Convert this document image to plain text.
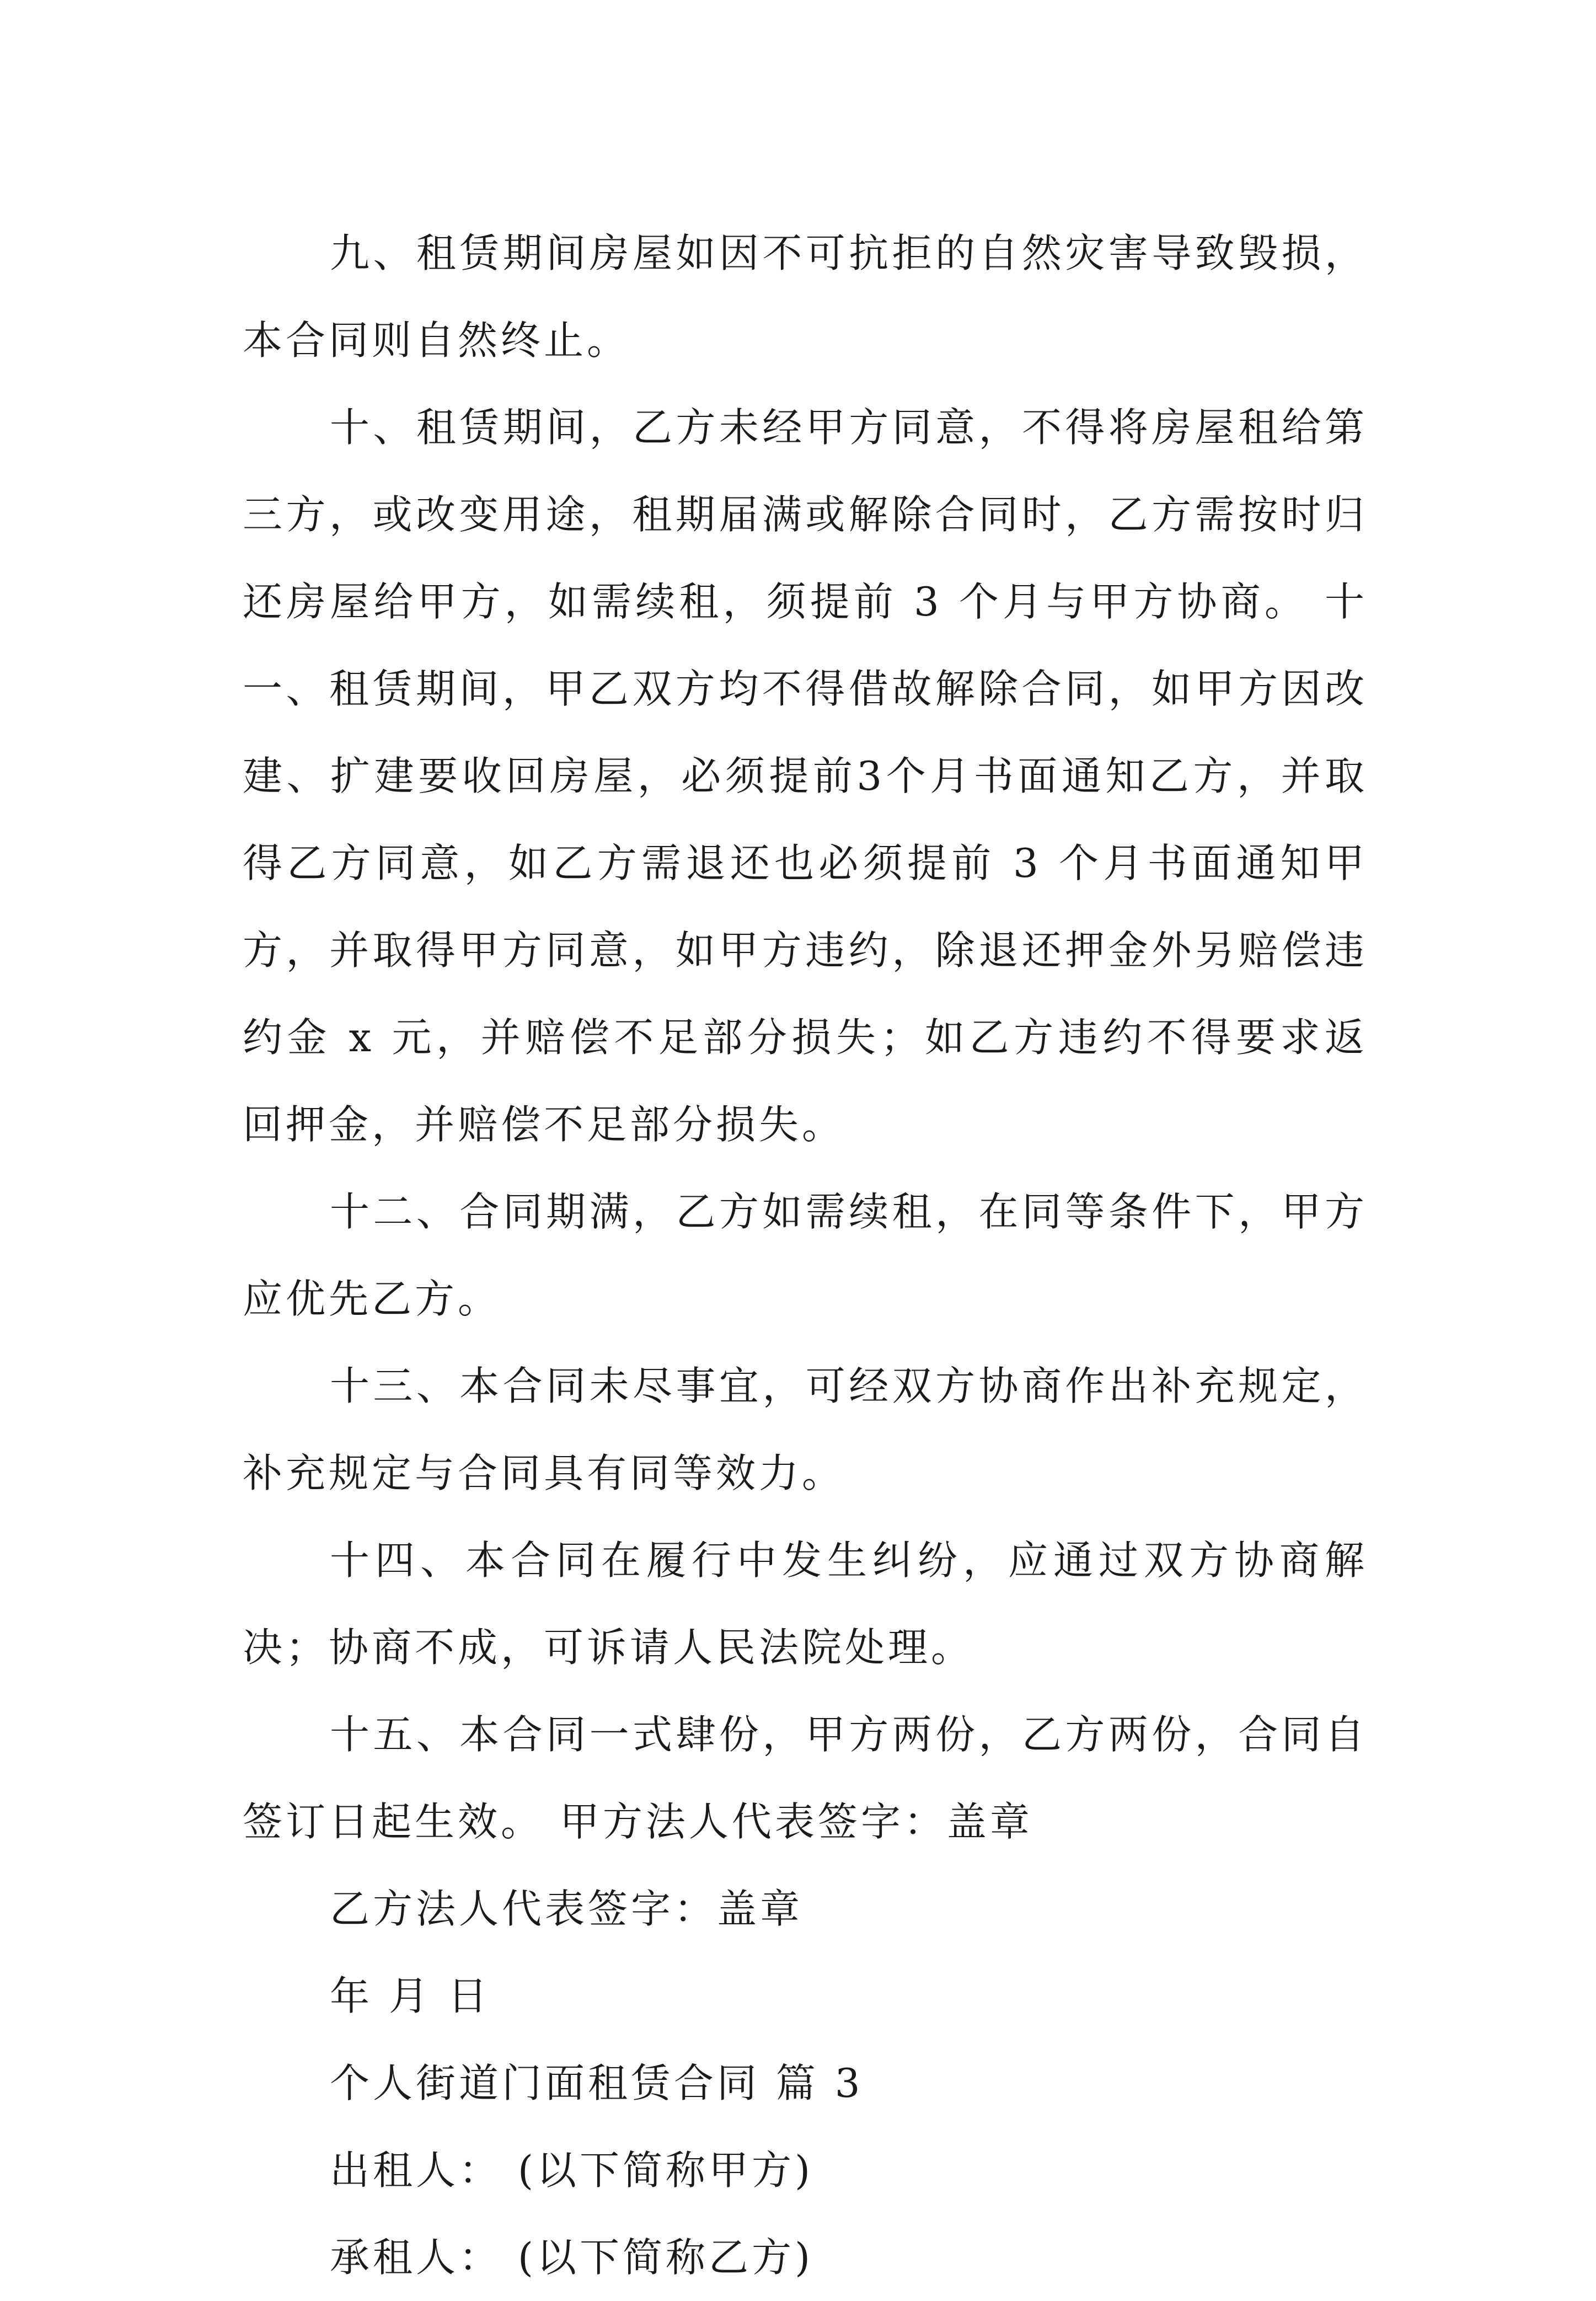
九、租赁期间房屋如因不可抗拒的自然灾害导致毁损，本合同则自然终止。

十、租赁期间，乙方未经甲方同意，不得将房屋租给第三方，或改变用途，租期届满或解除合同时，乙方需按时归还房屋给甲方，如需续租，须提前 3 个月与甲方协商。 十一、租赁期间，甲乙双方均不得借故解除合同，如甲方因改建、扩建要收回房屋，必须提前3个月书面通知乙方，并取得乙方同意，如乙方需退还也必须提前 3 个月书面通知甲方，并取得甲方同意，如甲方违约，除退还押金外另赔偿违约金 x 元，并赔偿不足部分损失；如乙方违约不得要求返回押金，并赔偿不足部分损失。

十二、合同期满，乙方如需续租，在同等条件下，甲方应优先乙方。

十三、本合同未尽事宜，可经双方协商作出补充规定，补充规定与合同具有同等效力。

十四、本合同在履行中发生纠纷，应通过双方协商解决；协商不成，可诉请人民法院处理。

十五、本合同一式肆份，甲方两份，乙方两份，合同自签订日起生效。 甲方法人代表签字：盖章

乙方法人代表签字：盖章

年 月 日

个人街道门面租赁合同 篇 3

出租人： (以下简称甲方)

承租人： (以下简称乙方)
